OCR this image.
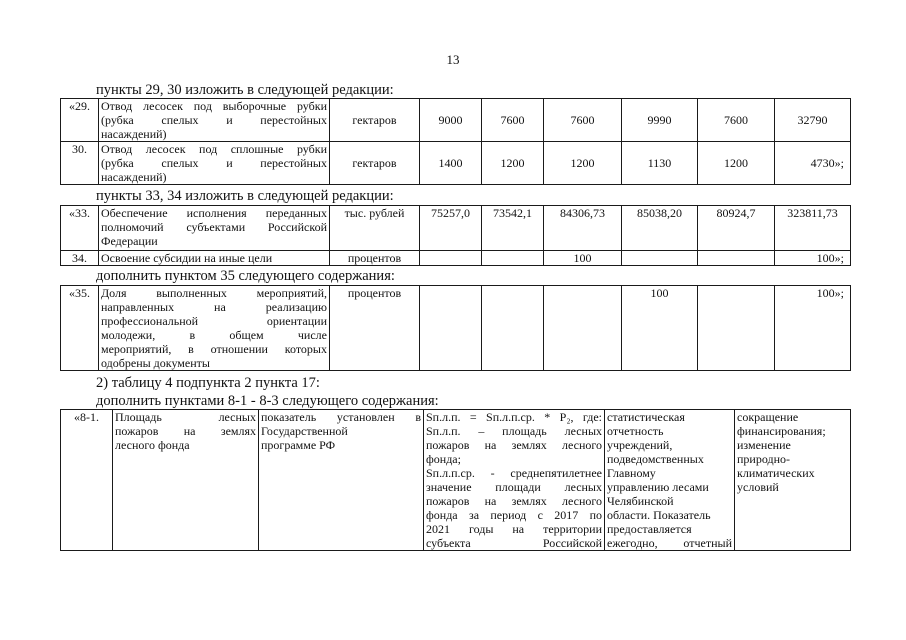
13
пункты 29, 30 изложить в следующей редакции:
«29.	Отвод лесосек под выборочные рубки
(рубка спелых и перестойных
насаждений)	гектаров	9000	7600	7600	9990	7600	32790
30.	Отвод лесосек под сплошные рубки
(рубка спелых и перестойных
насаждений)	гектаров	1400	1200	1200	1130	1200	4730»;
пункты 33, 34 изложить в следующей редакции:
«33.	Обеспечение исполнения переданных
полномочий субъектами Российской
Федерации	тыс. рублей	75257,0	73542,1	84306,73	85038,20	80924,7	323811,73
34.	Освоение субсидии на иные цели	процентов			100			100»;
дополнить пунктом 35 следующего содержания:
«35.	Доля выполненных мероприятий,
направленных на реализацию
профессиональной ориентации
молодежи, в общем числе
мероприятий, в отношении которых
одобрены документы
	процентов				100		100»;
2) таблицу 4 подпункта 2 пункта 17:
дополнить пунктами 8-1 - 8-3 следующего содержания:
«8-1.	Площадь лесных
пожаров на землях
лесного фонда

показатель установлен в
Государственной
программе РФ

Sп.л.п. = Sп.л.п.ср. * P₂, где:
Sп.л.п. – площадь лесных
пожаров на землях лесного
фонда;
Sп.л.п.ср. - среднепятилетнее
значение площади лесных
пожаров на землях лесного
фонда за период с 2017 по
2021 годы на территории
субъекта Российской

статистическая
отчетность
учреждений,
подведомственных
Главному
управлению лесами
Челябинской
области. Показатель
предоставляется
ежегодно, отчетный

сокращение
финансирования;
изменение
природно-
климатических
условий
